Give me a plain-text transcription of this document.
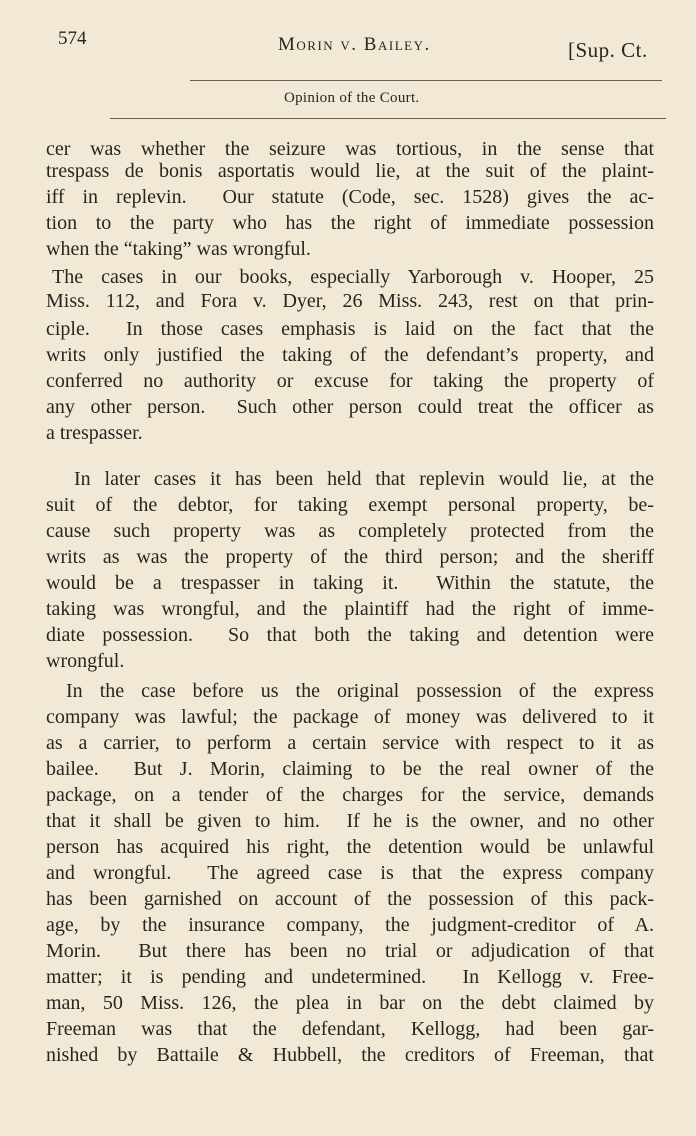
574	Morin v. Bailey.	[Sup. Ct.
Opinion of the Court.
cer was whether the seizure was tortious, in the sense that
trespass de bonis asportatis would lie, at the suit of the plaint-
iff in replevin.  Our statute (Code, sec. 1528) gives the ac-
tion to the party who has the right of immediate possession
when the “taking” was wrongful.
The cases in our books, especially Yarborough v. Hooper, 25
Miss. 112, and Fora v. Dyer, 26 Miss. 243, rest on that prin-
ciple.  In those cases emphasis is laid on the fact that the
writs only justified the taking of the defendant’s property, and
conferred no authority or excuse for taking the property of
any other person.  Such other person could treat the officer as
a trespasser.
In later cases it has been held that replevin would lie, at the
suit of the debtor, for taking exempt personal property, be-
cause such property was as completely protected from the
writs as was the property of the third person; and the sheriff
would be a trespasser in taking it.  Within the statute, the
taking was wrongful, and the plaintiff had the right of imme-
diate possession.  So that both the taking and detention were
wrongful.
In the case before us the original possession of the express
company was lawful; the package of money was delivered to it
as a carrier, to perform a certain service with respect to it as
bailee.  But J. Morin, claiming to be the real owner of the
package, on a tender of the charges for the service, demands
that it shall be given to him.  If he is the owner, and no other
person has acquired his right, the detention would be unlawful
and wrongful.  The agreed case is that the express company
has been garnished on account of the possession of this pack-
age, by the insurance company, the judgment-creditor of A.
Morin.  But there has been no trial or adjudication of that
matter; it is pending and undetermined.  In Kellogg v. Free-
man, 50 Miss. 126, the plea in bar on the debt claimed by
Freeman was that the defendant, Kellogg, had been gar-
nished by Battaile & Hubbell, the creditors of Freeman, that
